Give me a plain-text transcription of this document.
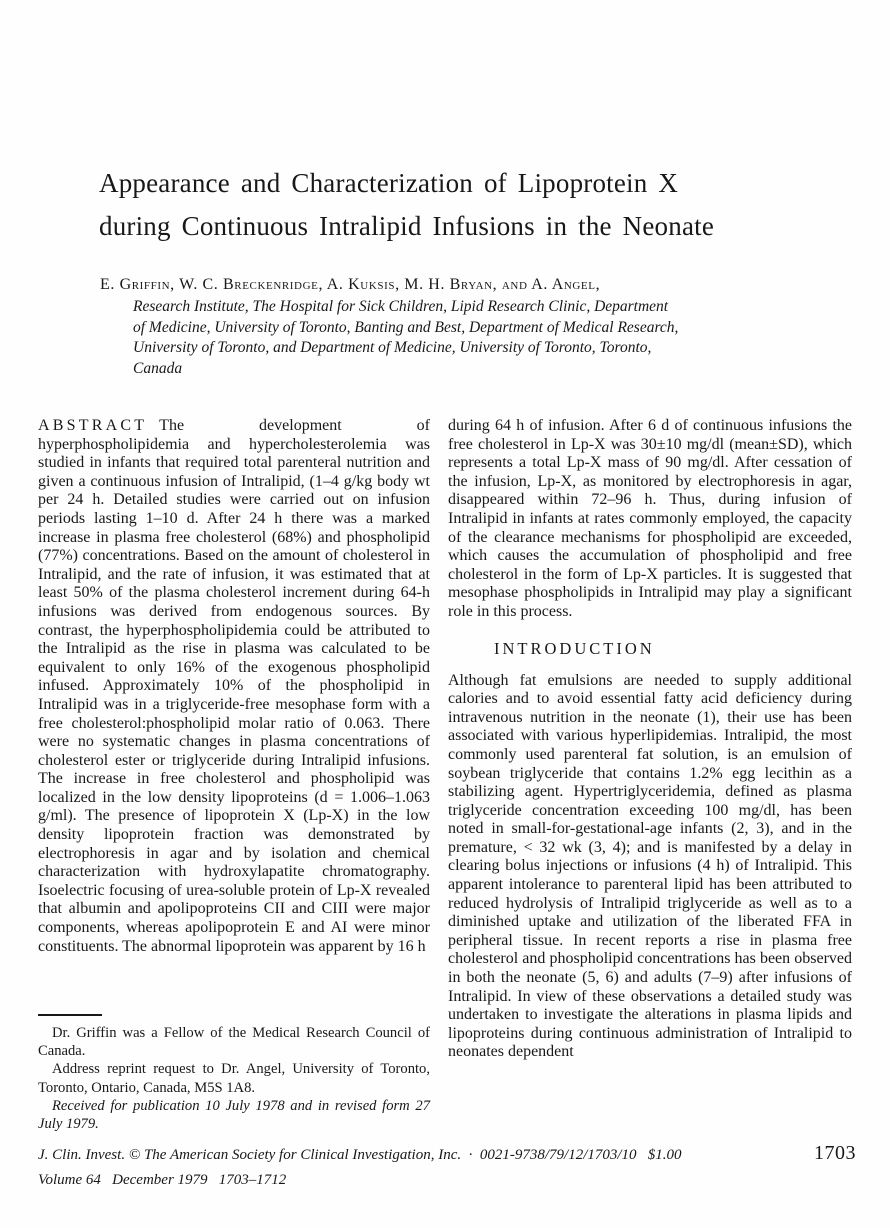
Appearance and Characterization of Lipoprotein X
during Continuous Intralipid Infusions in the Neonate
E. Griffin, W. C. Breckenridge, A. Kuksis, M. H. Bryan, and A. Angel,
Research Institute, The Hospital for Sick Children, Lipid Research Clinic, Department of Medicine, University of Toronto, Banting and Best, Department of Medical Research, University of Toronto, and Department of Medicine, University of Toronto, Toronto, Canada

ABSTRACT The development of hyperphospholipidemia and hypercholesterolemia was studied in infants that required total parenteral nutrition and given a continuous infusion of Intralipid, (1–4 g/kg body wt per 24 h. Detailed studies were carried out on infusion periods lasting 1–10 d. After 24 h there was a marked increase in plasma free cholesterol (68%) and phospholipid (77%) concentrations. Based on the amount of cholesterol in Intralipid, and the rate of infusion, it was estimated that at least 50% of the plasma cholesterol increment during 64-h infusions was derived from endogenous sources. By contrast, the hyperphospholipidemia could be attributed to the Intralipid as the rise in plasma was calculated to be equivalent to only 16% of the exogenous phospholipid infused. Approximately 10% of the phospholipid in Intralipid was in a triglyceride-free mesophase form with a free cholesterol:phospholipid molar ratio of 0.063. There were no systematic changes in plasma concentrations of cholesterol ester or triglyceride during Intralipid infusions. The increase in free cholesterol and phospholipid was localized in the low density lipoproteins (d = 1.006–1.063 g/ml). The presence of lipoprotein X (Lp-X) in the low density lipoprotein fraction was demonstrated by electrophoresis in agar and by isolation and chemical characterization with hydroxylapatite chromatography. Isoelectric focusing of urea-soluble protein of Lp-X revealed that albumin and apolipoproteins CII and CIII were major components, whereas apolipoprotein E and AI were minor constituents. The abnormal lipoprotein was apparent by 16 h

Dr. Griffin was a Fellow of the Medical Research Council of Canada.

Address reprint request to Dr. Angel, University of Toronto, Toronto, Ontario, Canada, M5S 1A8.

Received for publication 10 July 1978 and in revised form 27 July 1979.

during 64 h of infusion. After 6 d of continuous infusions the free cholesterol in Lp-X was 30±10 mg/dl (mean±SD), which represents a total Lp-X mass of 90 mg/dl. After cessation of the infusion, Lp-X, as monitored by electrophoresis in agar, disappeared within 72–96 h. Thus, during infusion of Intralipid in infants at rates commonly employed, the capacity of the clearance mechanisms for phospholipid are exceeded, which causes the accumulation of phospholipid and free cholesterol in the form of Lp-X particles. It is suggested that mesophase phospholipids in Intralipid may play a significant role in this process.

INTRODUCTION

Although fat emulsions are needed to supply additional calories and to avoid essential fatty acid deficiency during intravenous nutrition in the neonate (1), their use has been associated with various hyperlipidemias. Intralipid, the most commonly used parenteral fat solution, is an emulsion of soybean triglyceride that contains 1.2% egg lecithin as a stabilizing agent. Hypertriglyceridemia, defined as plasma triglyceride concentration exceeding 100 mg/dl, has been noted in small-for-gestational-age infants (2, 3), and in the premature, < 32 wk (3, 4); and is manifested by a delay in clearing bolus injections or infusions (4 h) of Intralipid. This apparent intolerance to parenteral lipid has been attributed to reduced hydrolysis of Intralipid triglyceride as well as to a diminished uptake and utilization of the liberated FFA in peripheral tissue. In recent reports a rise in plasma free cholesterol and phospholipid concentrations has been observed in both the neonate (5, 6) and adults (7–9) after infusions of Intralipid. In view of these observations a detailed study was undertaken to investigate the alterations in plasma lipids and lipoproteins during continuous administration of Intralipid to neonates dependent

J. Clin. Invest. © The American Society for Clinical Investigation, Inc.  ·  0021-9738/79/12/1703/10   $1.00	1703
Volume 64   December 1979   1703–1712
